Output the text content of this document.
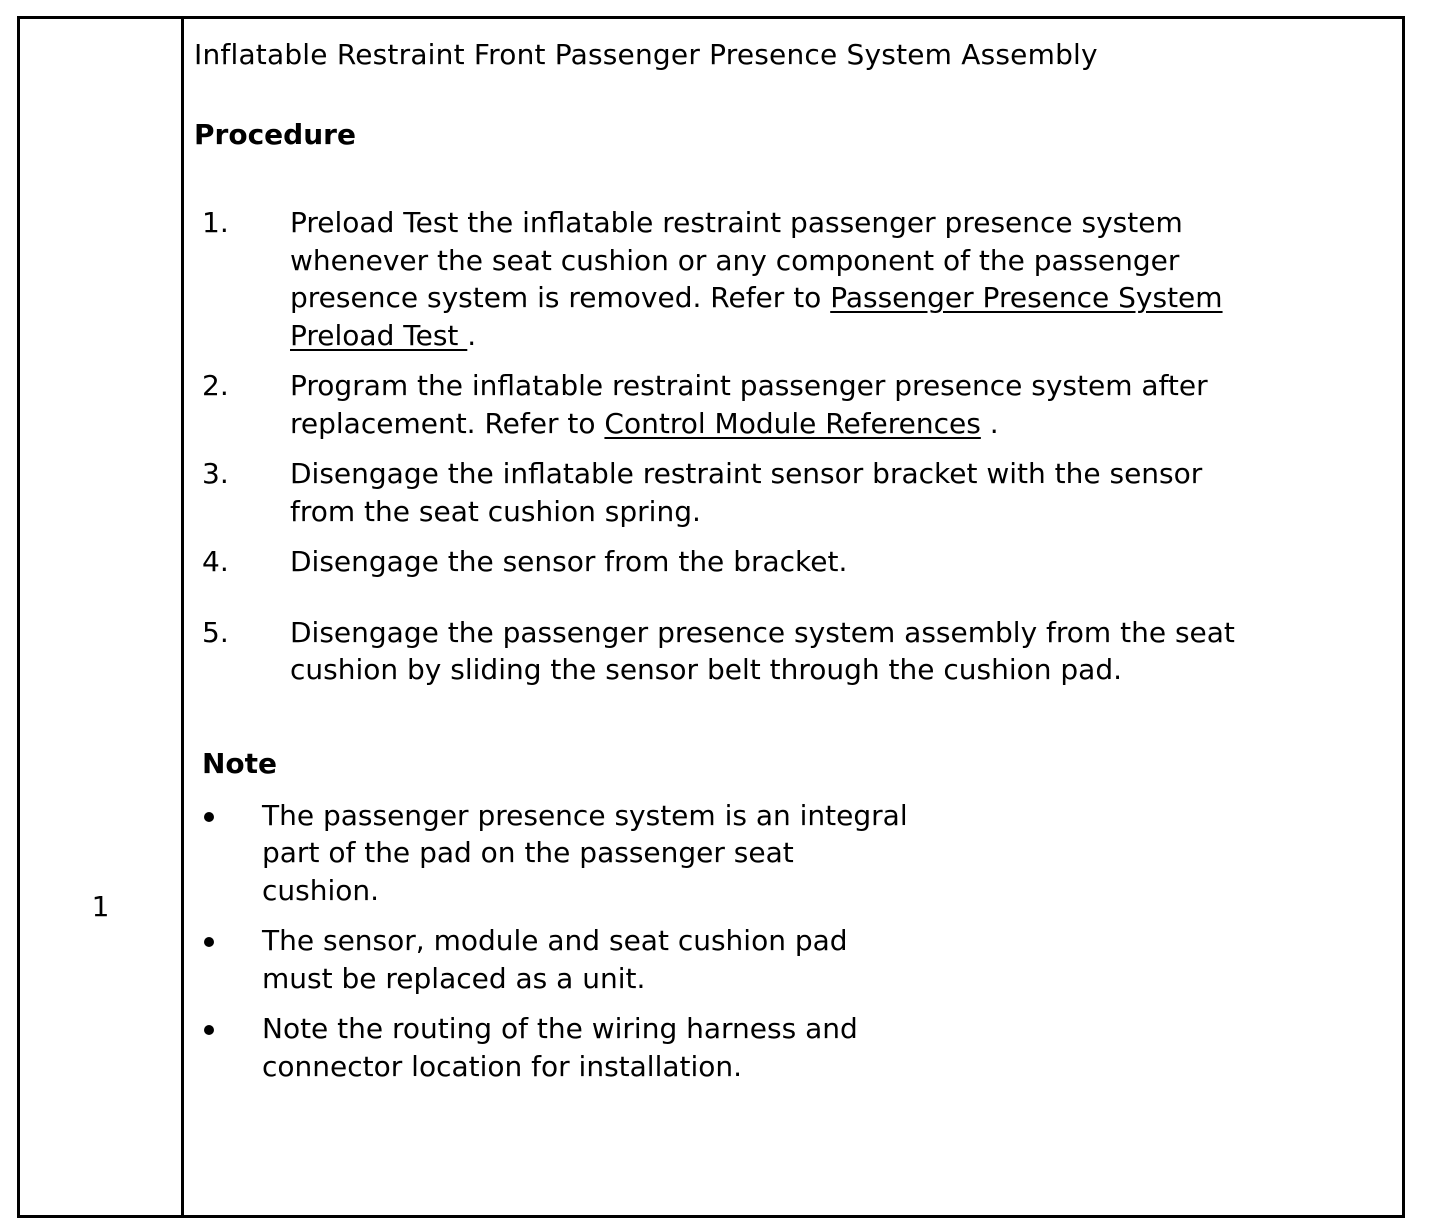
1

Inflatable Restraint Front Passenger Presence System Assembly

Procedure

1. Preload Test the inflatable restraint passenger presence system whenever the seat cushion or any component of the passenger presence system is removed. Refer to Passenger Presence System Preload Test .
2. Program the inflatable restraint passenger presence system after replacement. Refer to Control Module References .
3. Disengage the inflatable restraint sensor bracket with the sensor from the seat cushion spring.
4. Disengage the sensor from the bracket.
5. Disengage the passenger presence system assembly from the seat cushion by sliding the sensor belt through the cushion pad.

Note

The passenger presence system is an integral part of the pad on the passenger seat cushion.
The sensor, module and seat cushion pad must be replaced as a unit.
Note the routing of the wiring harness and connector location for installation.
